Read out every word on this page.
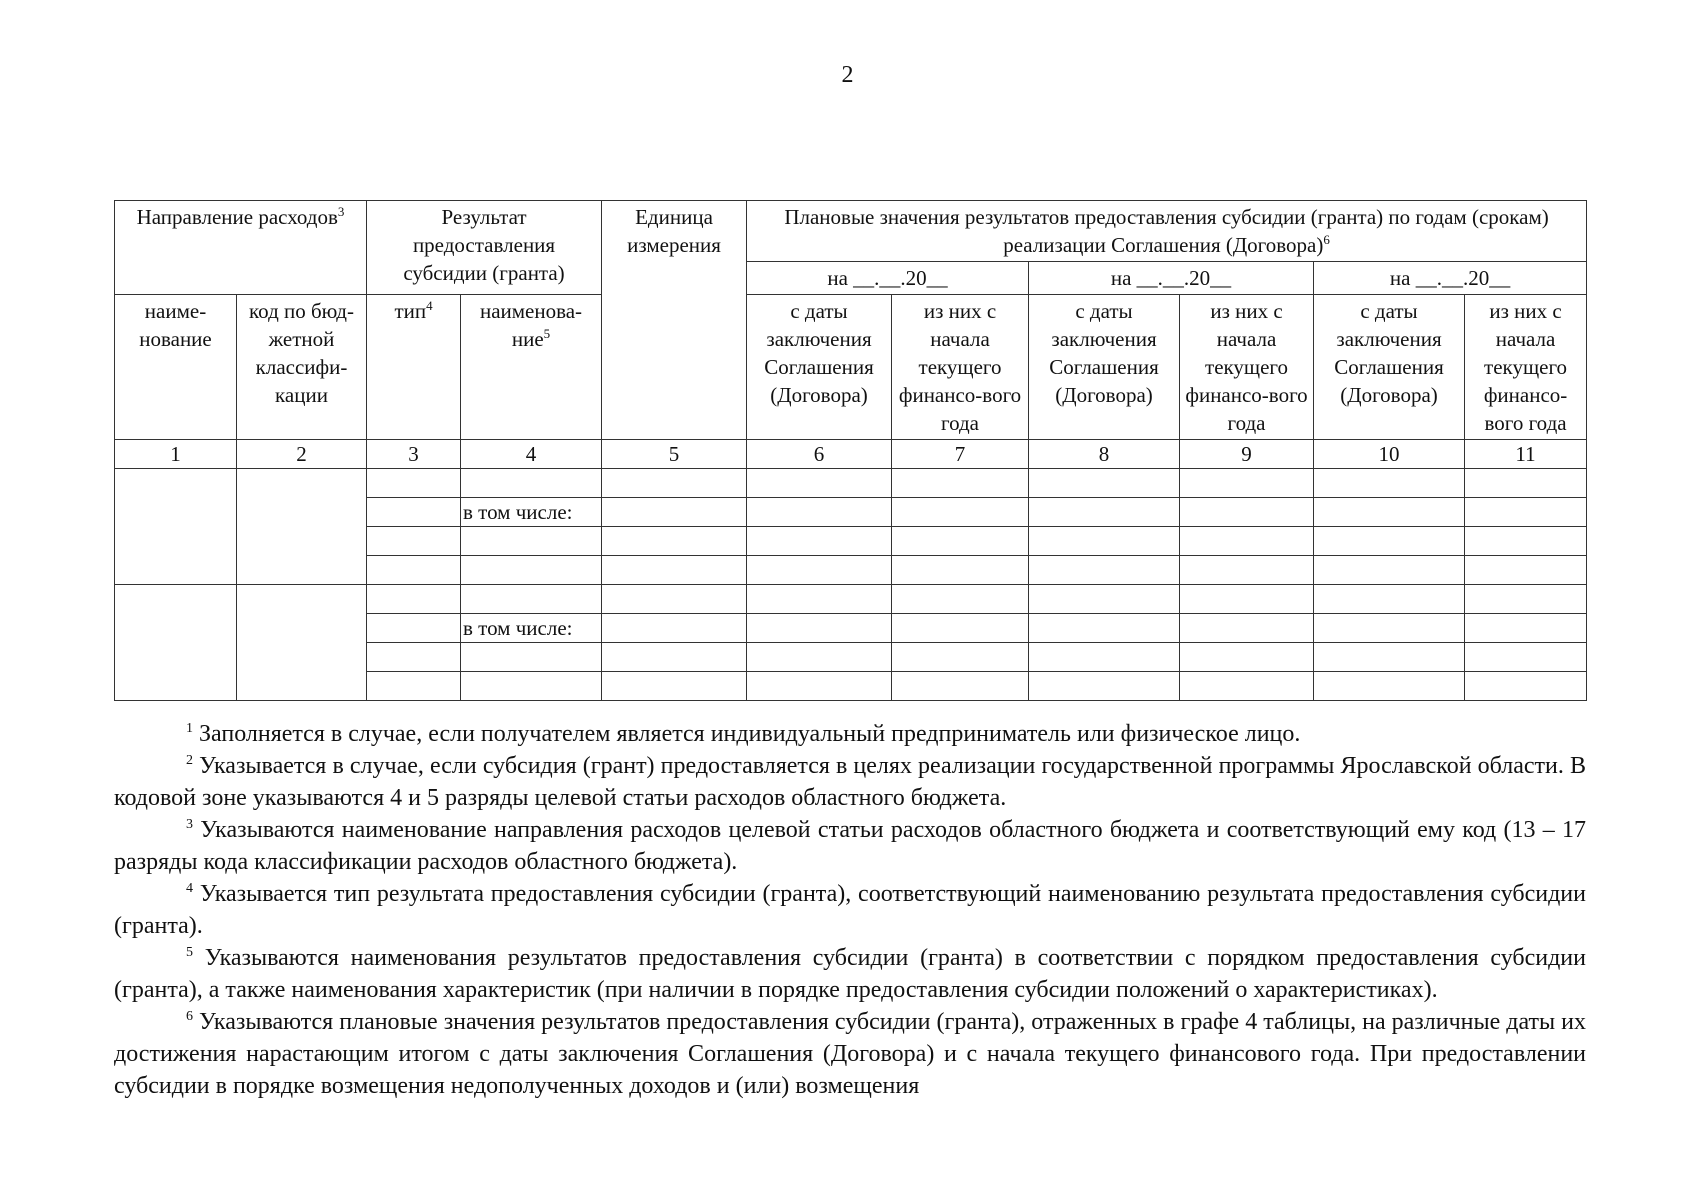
2
Направление расходов$^3$		Результат предоставления субсидии (гранта)		Единица измерения	Плановые значения результатов предоставления субсидии (гранта) по годам (срокам) реализации Соглашения (Договора)$^6$
					на __.__.20__		на __.__.20__		на __.__.20__	
наиме-нование	код по бюд-жетной классифи-кации	тип$^4$	наименова-ние$^5$		с даты заключения Соглашения (Договора)	из них с начала текущего финансо-вого года	с даты заключения Соглашения (Договора)	из них с начала текущего финансо-вого года	с даты заключения Соглашения (Договора)	из них с начала текущего финансо-вого года

1	2	3	4	5	6	7	8	9	10	11

			в том числе:							

			в том числе:							

$^1$ Заполняется в случае, если получателем является индивидуальный предприниматель или физическое лицо.

$^2$ Указывается в случае, если субсидия (грант) предоставляется в целях реализации государственной программы Ярославской области. В кодовой зоне указываются 4 и 5 разряды целевой статьи расходов областного бюджета.

$^3$ Указываются наименование направления расходов целевой статьи расходов областного бюджета и соответствующий ему код (13 – 17 разряды кода классификации расходов областного бюджета).

$^4$ Указывается тип результата предоставления субсидии (гранта), соответствующий наименованию результата предоставления субсидии (гранта).

$^5$ Указываются наименования результатов предоставления субсидии (гранта) в соответствии с порядком предоставления субсидии (гранта), а также наименования характеристик (при наличии в порядке предоставления субсидии положений о характеристиках).

$^6$ Указываются плановые значения результатов предоставления субсидии (гранта), отраженных в графе 4 таблицы, на различные даты их достижения нарастающим итогом с даты заключения Соглашения (Договора) и с начала текущего финансового года. При предоставлении субсидии в порядке возмещения недополученных доходов и (или) возмещения
